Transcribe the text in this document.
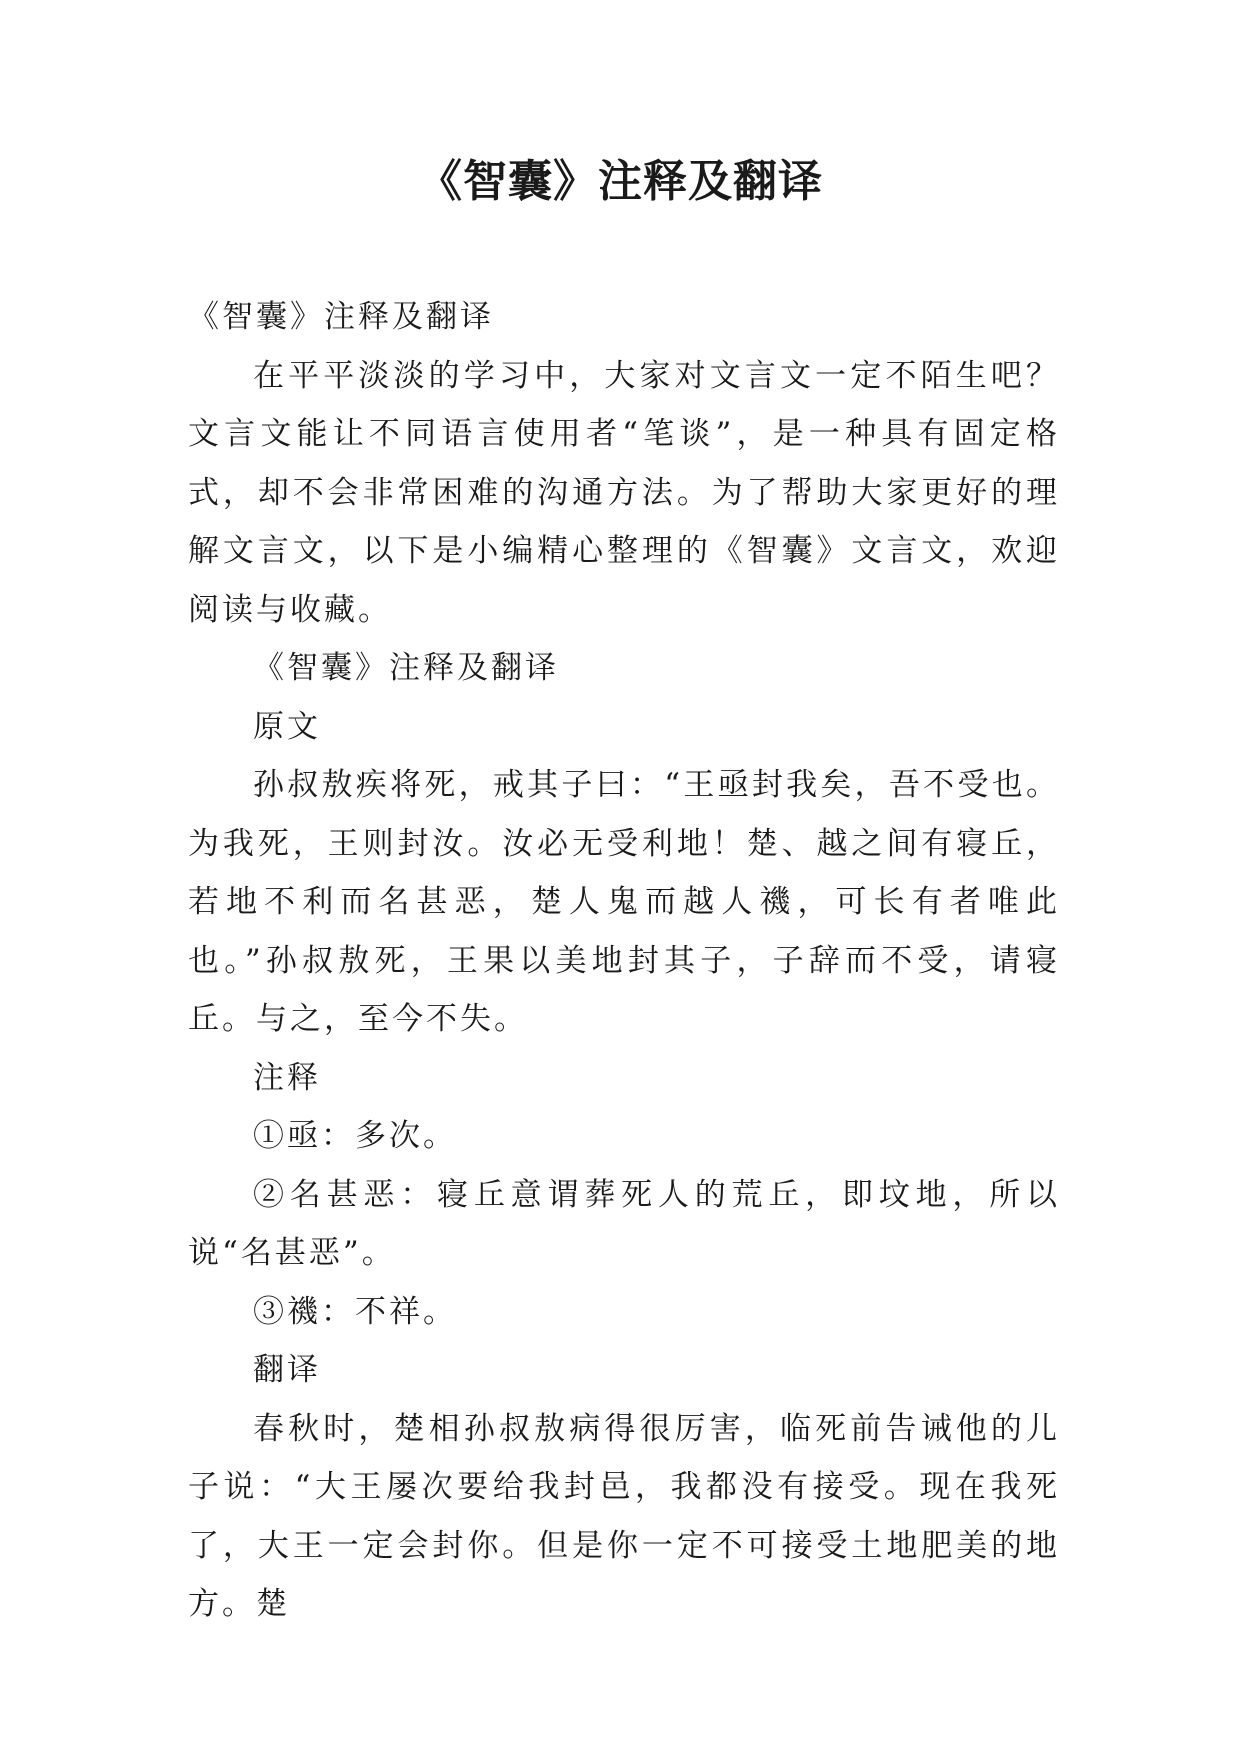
《智囊》注释及翻译

《智囊》注释及翻译

在平平淡淡的学习中，大家对文言文一定不陌生吧？文言文能让不同语言使用者“笔谈”，是一种具有固定格式，却不会非常困难的沟通方法。为了帮助大家更好的理解文言文，以下是小编精心整理的《智囊》文言文，欢迎阅读与收藏。

《智囊》注释及翻译

原文

孙叔敖疾将死，戒其子曰：“王亟封我矣，吾不受也。为我死，王则封汝。汝必无受利地！楚、越之间有寝丘，若地不利而名甚恶，楚人鬼而越人禨，可长有者唯此也。”孙叔敖死，王果以美地封其子，子辞而不受，请寝丘。与之，至今不失。

注释

①亟：多次。

②名甚恶：寝丘意谓葬死人的荒丘，即坟地，所以说“名甚恶”。

③禨：不祥。

翻译

春秋时，楚相孙叔敖病得很厉害，临死前告诫他的儿子说：“大王屡次要给我封邑，我都没有接受。现在我死了，大王一定会封你。但是你一定不可接受土地肥美的地方。楚
